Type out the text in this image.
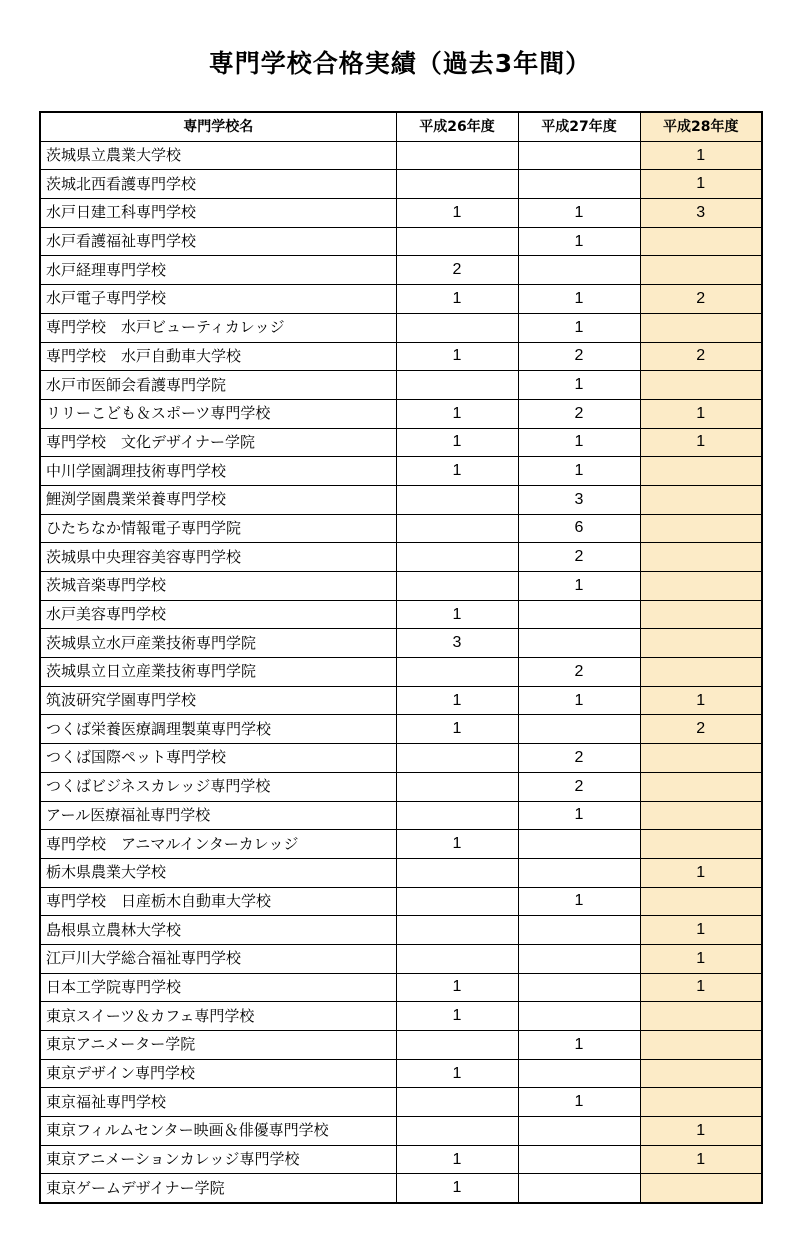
専門学校合格実績（過去3年間）
専門学校名	平成26年度	平成27年度	平成28年度
茨城県立農業大学校			1
茨城北西看護専門学校			1
水戸日建工科専門学校	1	1	3
水戸看護福祉専門学校		1	
水戸経理専門学校	2		
水戸電子専門学校	1	1	2
専門学校　水戸ビューティカレッジ		1	
専門学校　水戸自動車大学校	1	2	2
水戸市医師会看護専門学院		1	
リリーこども＆スポーツ専門学校	1	2	1
専門学校　文化デザイナー学院	1	1	1
中川学園調理技術専門学校	1	1	
鯉渕学園農業栄養専門学校		3	
ひたちなか情報電子専門学院		6	
茨城県中央理容美容専門学校		2	
茨城音楽専門学校		1	
水戸美容専門学校	1		
茨城県立水戸産業技術専門学院	3		
茨城県立日立産業技術専門学院		2	
筑波研究学園専門学校	1	1	1
つくば栄養医療調理製菓専門学校	1		2
つくば国際ペット専門学校		2	
つくばビジネスカレッジ専門学校		2	
アール医療福祉専門学校		1	
専門学校　アニマルインターカレッジ	1		
栃木県農業大学校			1
専門学校　日産栃木自動車大学校		1	
島根県立農林大学校			1
江戸川大学総合福祉専門学校			1
日本工学院専門学校	1		1
東京スイーツ＆カフェ専門学校	1		
東京アニメーター学院		1	
東京デザイン専門学校	1		
東京福祉専門学校		1	
東京フィルムセンター映画＆俳優専門学校			1
東京アニメーションカレッジ専門学校	1		1
東京ゲームデザイナー学院	1		
